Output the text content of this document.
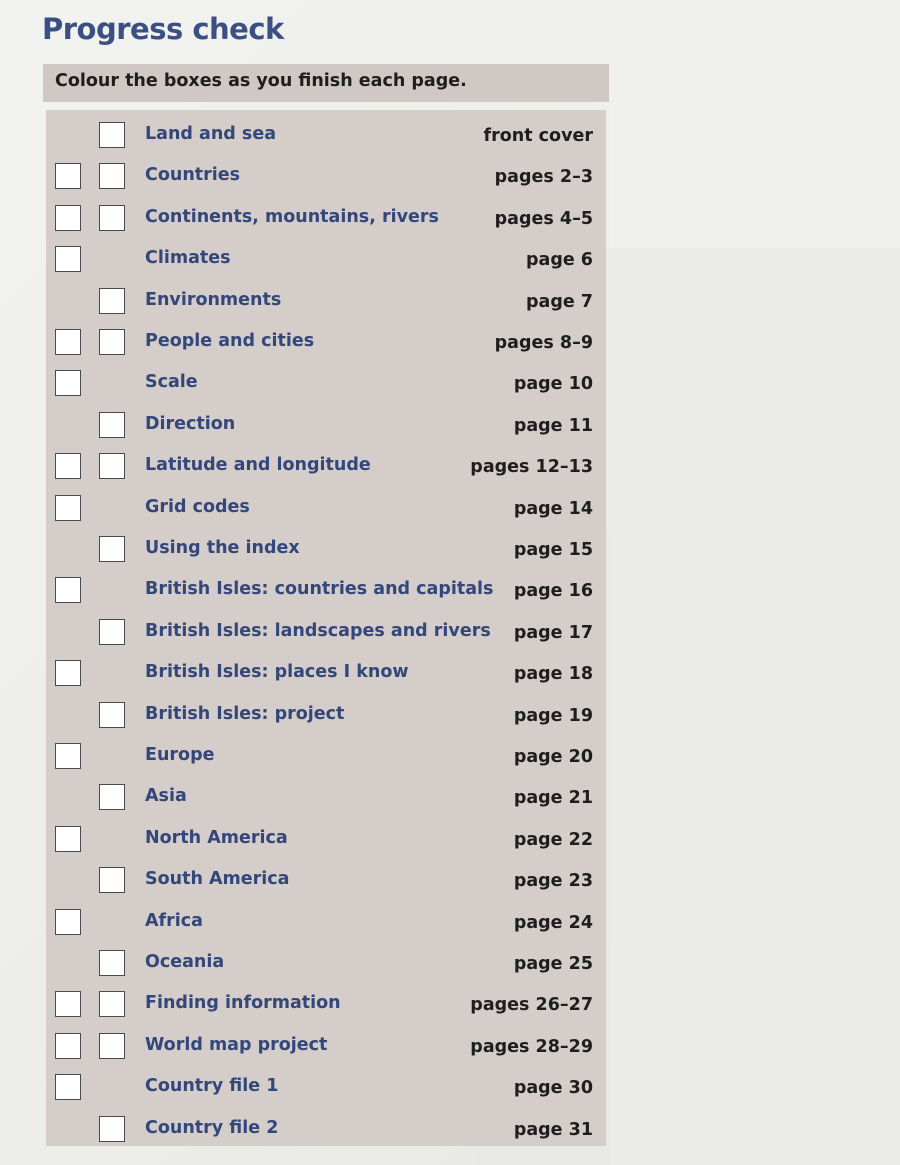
Progress check
Colour the boxes as you finish each page.
Land and sea	front cover
Countries	pages 2–3
Continents, mountains, rivers	pages 4–5
Climates	page 6
Environments	page 7
People and cities	pages 8–9
Scale	page 10
Direction	page 11
Latitude and longitude	pages 12–13
Grid codes	page 14
Using the index	page 15
British Isles: countries and capitals page 16
British Isles: landscapes and rivers page 17
British Isles: places I know	page 18
British Isles: project	page 19
Europe	page 20
Asia	page 21
North America	page 22
South America	page 23
Africa	page 24
Oceania	page 25
Finding information	pages 26–27
World map project	pages 28–29
Country file 1	page 30
Country file 2	page 31
